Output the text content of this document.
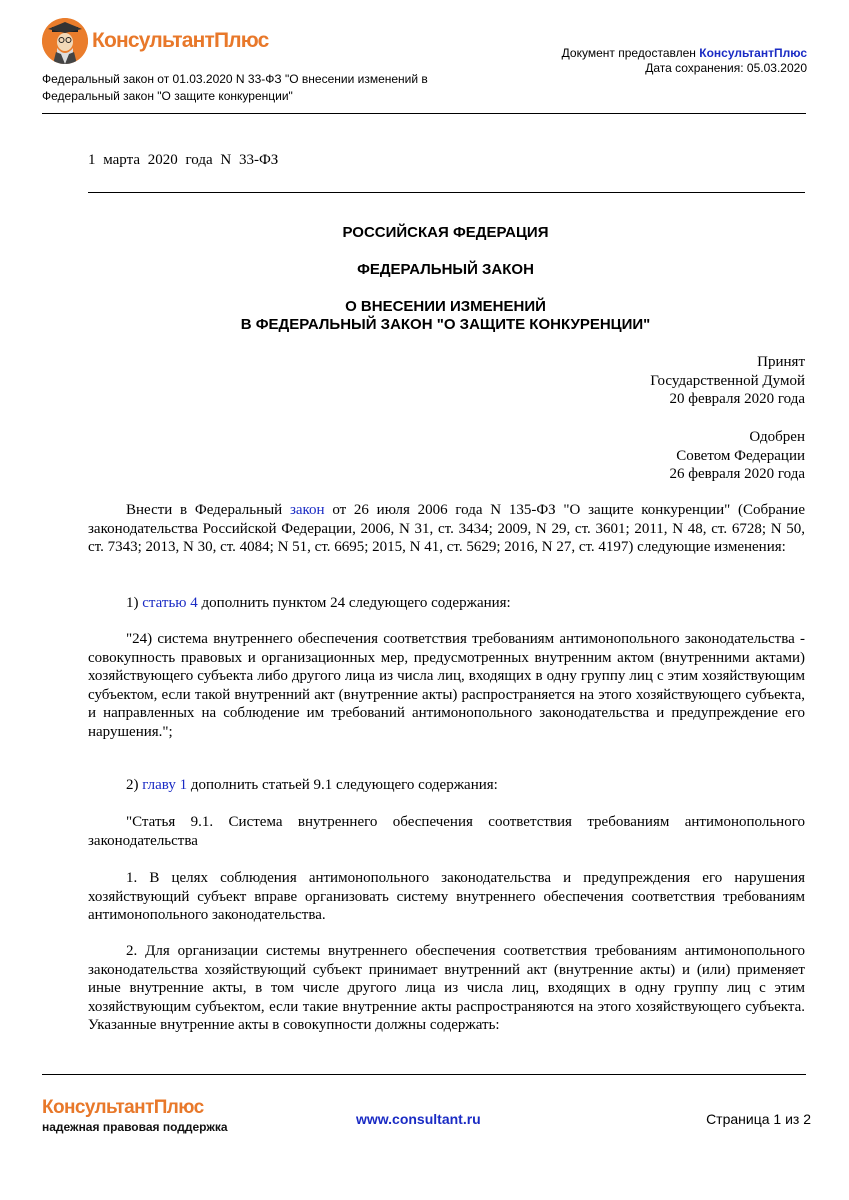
КонсультантПлюс
Федеральный закон от 01.03.2020 N 33-ФЗ "О внесении изменений в
Федеральный закон "О защите конкуренции"
Документ предоставлен КонсультантПлюс
Дата сохранения: 05.03.2020
1 марта 2020 года N 33-ФЗ
РОССИЙСКАЯ ФЕДЕРАЦИЯ
ФЕДЕРАЛЬНЫЙ ЗАКОН
О ВНЕСЕНИИ ИЗМЕНЕНИЙ
В ФЕДЕРАЛЬНЫЙ ЗАКОН "О ЗАЩИТЕ КОНКУРЕНЦИИ"
Принят
Государственной Думой
20 февраля 2020 года
Одобрен
Советом Федерации
26 февраля 2020 года
Внести в Федеральный закон от 26 июля 2006 года N 135-ФЗ "О защите конкуренции" (Собрание законодательства Российской Федерации, 2006, N 31, ст. 3434; 2009, N 29, ст. 3601; 2011, N 48, ст. 6728; N 50, ст. 7343; 2013, N 30, ст. 4084; N 51, ст. 6695; 2015, N 41, ст. 5629; 2016, N 27, ст. 4197) следующие изменения:
1) статью 4 дополнить пунктом 24 следующего содержания:
"24) система внутреннего обеспечения соответствия требованиям антимонопольного законодательства - совокупность правовых и организационных мер, предусмотренных внутренним актом (внутренними актами) хозяйствующего субъекта либо другого лица из числа лиц, входящих в одну группу лиц с этим хозяйствующим субъектом, если такой внутренний акт (внутренние акты) распространяется на этого хозяйствующего субъекта, и направленных на соблюдение им требований антимонопольного законодательства и предупреждение его нарушения.";
2) главу 1 дополнить статьей 9.1 следующего содержания:
"Статья 9.1. Система внутреннего обеспечения соответствия требованиям антимонопольного законодательства
1. В целях соблюдения антимонопольного законодательства и предупреждения его нарушения хозяйствующий субъект вправе организовать систему внутреннего обеспечения соответствия требованиям антимонопольного законодательства.
2. Для организации системы внутреннего обеспечения соответствия требованиям антимонопольного законодательства хозяйствующий субъект принимает внутренний акт (внутренние акты) и (или) применяет иные внутренние акты, в том числе другого лица из числа лиц, входящих в одну группу лиц с этим хозяйствующим субъектом, если такие внутренние акты распространяются на этого хозяйствующего субъекта. Указанные внутренние акты в совокупности должны содержать:
КонсультантПлюс
надежная правовая поддержка	www.consultant.ru	Страница 1 из 2
